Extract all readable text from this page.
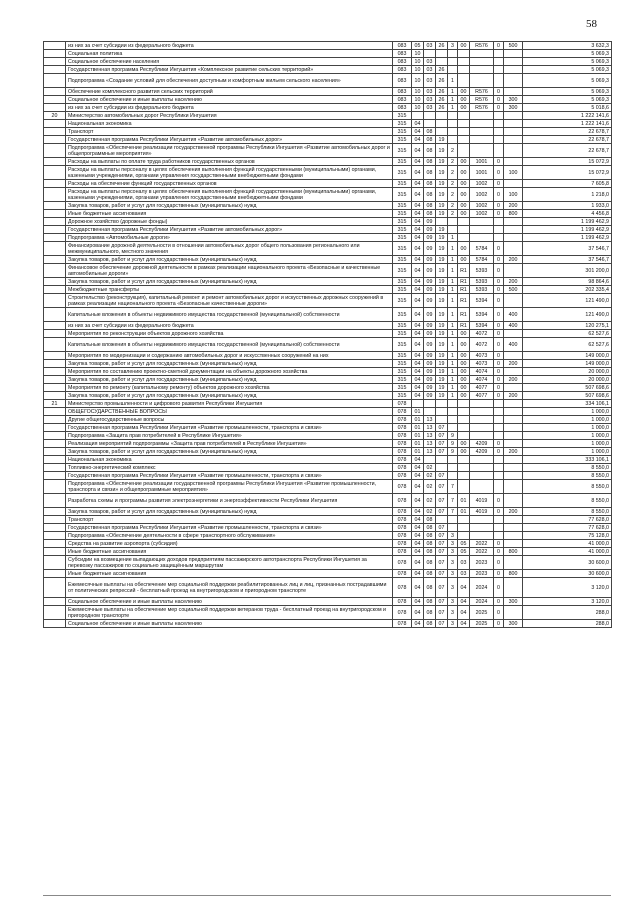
58
	из них за счет субсидии из федерального бюджета	083	05	03	26	3	00	R576	0	500	3 632,3
	Социальная политика	083	10								5 069,3
	Социальное обеспечение населения	083	10	03							5 069,3
	Государственная программа Республики Ингушетия «Комплексное развитие сельских территорий»	083	10	03	26						5 069,3
	Подпрограмма «Создание условий для обеспечения доступным и комфортным жильем сельского населения»	083	10	03	26	1					5 069,3
	Обеспечение комплексного развития сельских территорий	083	10	03	26	1	00	R576	0		5 069,3
	Социальное обеспечение и иные выплаты населению	083	10	03	26	1	00	R576	0	300	5 069,3
	из них за счет субсидии из федерального бюджета	083	10	03	26	1	00	R576	0	300	5 018,6
20	Министерство автомобильных дорог Республики Ингушетия	315									1 222 141,6
	Национальная экономика	315	04								1 222 141,6
	Транспорт	315	04	08							22 678,7
	Государственная программа Республики Ингушетия «Развитие автомобильных дорог»	315	04	08	19						22 678,7
	Подпрограмма «Обеспечение реализации государственной программы Республики Ингушетия «Развитие автомобильных дорог и общепрограммные мероприятия»	315	04	08	19	2					22 678,7
	Расходы на выплаты по оплате труда работников государственных органов	315	04	08	19	2	00	1001	0		15 072,9
	Расходы на выплаты персоналу в целях обеспечения выполнения функций государственными (муниципальными) органами, казенными учреждениями, органами управления государственными внебюджетными фондами	315	04	08	19	2	00	1001	0	100	15 072,9
	Расходы на обеспечение функций государственных органов	315	04	08	19	2	00	1002	0		7 605,8
	Расходы на выплаты персоналу в целях обеспечения выполнения функций государственными (муниципальными) органами, казенными учреждениями, органами управления государственными внебюджетными фондами	315	04	08	19	2	00	1002	0	100	1 218,0
	Закупка товаров, работ и услуг для государственных (муниципальных) нужд	315	04	08	19	2	00	1002	0	200	1 933,0
	Иные бюджетные ассигнования	315	04	08	19	2	00	1002	0	800	4 456,8
	Дорожное хозяйство (дорожные фонды)	315	04	09							1 199 462,9
	Государственная программа Республики Ингушетия «Развитие автомобильных дорог»	315	04	09	19						1 199 462,9
	Подпрограмма «Автомобильные дороги»	315	04	09	19	1					1 199 462,9
	Финансирование дорожной деятельности в отношении автомобильных дорог общего пользования регионального или межмуниципального, местного значения	315	04	09	19	1	00	5784	0		37 546,7
	Закупка товаров, работ и услуг для государственных (муниципальных) нужд	315	04	09	19	1	00	5784	0	200	37 546,7
	Финансовое обеспечение дорожной деятельности в рамках реализации национального проекта «Безопасные и качественные автомобильные дороги»	315	04	09	19	1	R1	5393	0		301 200,0
	Закупка товаров, работ и услуг для государственных (муниципальных) нужд	315	04	09	19	1	R1	5393	0	200	98 864,6
	Межбюджетные трансферты	315	04	09	19	1	R1	5393	0	500	202 335,4
	Строительство (реконструкция), капитальный ремонт и ремонт автомобильных дорог и искусственных дорожных сооружений в рамках реализации национального проекта «Безопасные качественные дороги»	315	04	09	19	1	R1	5394	0		121 490,0
	Капитальные вложения в объекты недвижимого имущества государственной (муниципальной) собственности	315	04	09	19	1	R1	5394	0	400	121 490,0
	из них за счет субсидии из федерального бюджета	315	04	09	19	1	R1	5394	0	400	120 275,1
	Мероприятия по реконструкции объектов дорожного хозяйства	315	04	09	19	1	00	4072	0		62 527,6
	Капитальные вложения в объекты недвижимого имущества государственной (муниципальной) собственности	315	04	09	19	1	00	4072	0	400	62 527,6
	Мероприятия по модернизации и содержанию автомобильных дорог и искусственных сооружений на них	315	04	09	19	1	00	4073	0		149 000,0
	Закупка товаров, работ и услуг для государственных (муниципальных) нужд	315	04	09	19	1	00	4073	0	200	149 000,0
	Мероприятия по составлению проектно-сметной документации на объекты дорожного хозяйства	315	04	09	19	1	00	4074	0		20 000,0
	Закупка товаров, работ и услуг для государственных (муниципальных) нужд	315	04	09	19	1	00	4074	0	200	20 000,0
	Мероприятия по ремонту (капитальному ремонту) объектов дорожного хозяйства	315	04	09	19	1	00	4077	0		507 698,6
	Закупка товаров, работ и услуг для государственных (муниципальных) нужд	315	04	09	19	1	00	4077	0	200	507 698,6
21	Министерство промышленности и цифрового развития Республики Ингушетия	078									334 106,1
	ОБЩЕГОСУДАРСТВЕННЫЕ ВОПРОСЫ	078	01								1 000,0
	Другие общегосударственные вопросы	078	01	13							1 000,0
	Государственная программа Республики Ингушетия «Развитие промышленности, транспорта и связи»	078	01	13	07						1 000,0
	Подпрограмма «Защита прав потребителей в Республике Ингушетия»	078	01	13	07	9					1 000,0
	Реализация мероприятий подпрограммы «Защита прав потребителей в Республике Ингушетия»	078	01	13	07	9	00	4209	0		1 000,0
	Закупка товаров, работ и услуг для государственных (муниципальных) нужд	078	01	13	07	9	00	4209	0	200	1 000,0
	Национальная экономика	078	04								333 106,1
	Топливно-энергетический комплекс	078	04	02							8 550,0
	Государственная программа Республики Ингушетия «Развитие промышленности, транспорта и связи»	078	04	02	07						8 550,0
	Подпрограмма «Обеспечение реализации государственной программы Республики Ингушетия «Развитие промышленности, транспорта и связи» и общепрограммные мероприятия»	078	04	02	07	7					8 550,0
	Разработка схемы и программы развития электроэнергетики и энергоэффективности Республики Ингушетия	078	04	02	07	7	01	4019	0		8 550,0
	Закупка товаров, работ и услуг для государственных (муниципальных) нужд	078	04	02	07	7	01	4019	0	200	8 550,0
	Транспорт	078	04	08							77 628,0
	Государственная программа Республики Ингушетия «Развитие промышленности, транспорта и связи»	078	04	08	07						77 628,0
	Подпрограмма «Обеспечение деятельности в сфере транспортного обслуживания»	078	04	08	07	3					75 128,0
	Средства на развитие аэропорта (субсидия)	078	04	08	07	3	05	2022	0		41 000,0
	Иные бюджетные ассигнования	078	04	08	07	3	05	2022	0	800	41 000,0
	Субсидии на возмещение выпадающих доходов предприятиям пассажирского автотранспорта Республики Ингушетия за перевозку пассажиров по социально защищённым маршрутам	078	04	08	07	3	03	2023	0		30 600,0
	Иные бюджетные ассигнования	078	04	08	07	3	03	2023	0	800	30 600,0
	Ежемесячные выплаты на обеспечение мер социальной поддержки реабилитированных лиц и лиц, признанных пострадавшими от политических репрессий - бесплатный проезд на внутригородском и пригородном транспорте	078	04	08	07	3	04	2024	0		3 120,0
	Социальное обеспечение и иные выплаты населению	078	04	08	07	3	04	2024	0	300	3 120,0
	Ежемесячные выплаты на обеспечение мер социальной поддержки ветеранов труда - бесплатный проезд на внутригородском и пригородном транспорте	078	04	08	07	3	04	2025	0		288,0
	Социальное обеспечение и иные выплаты населению	078	04	08	07	3	04	2025	0	300	288,0
